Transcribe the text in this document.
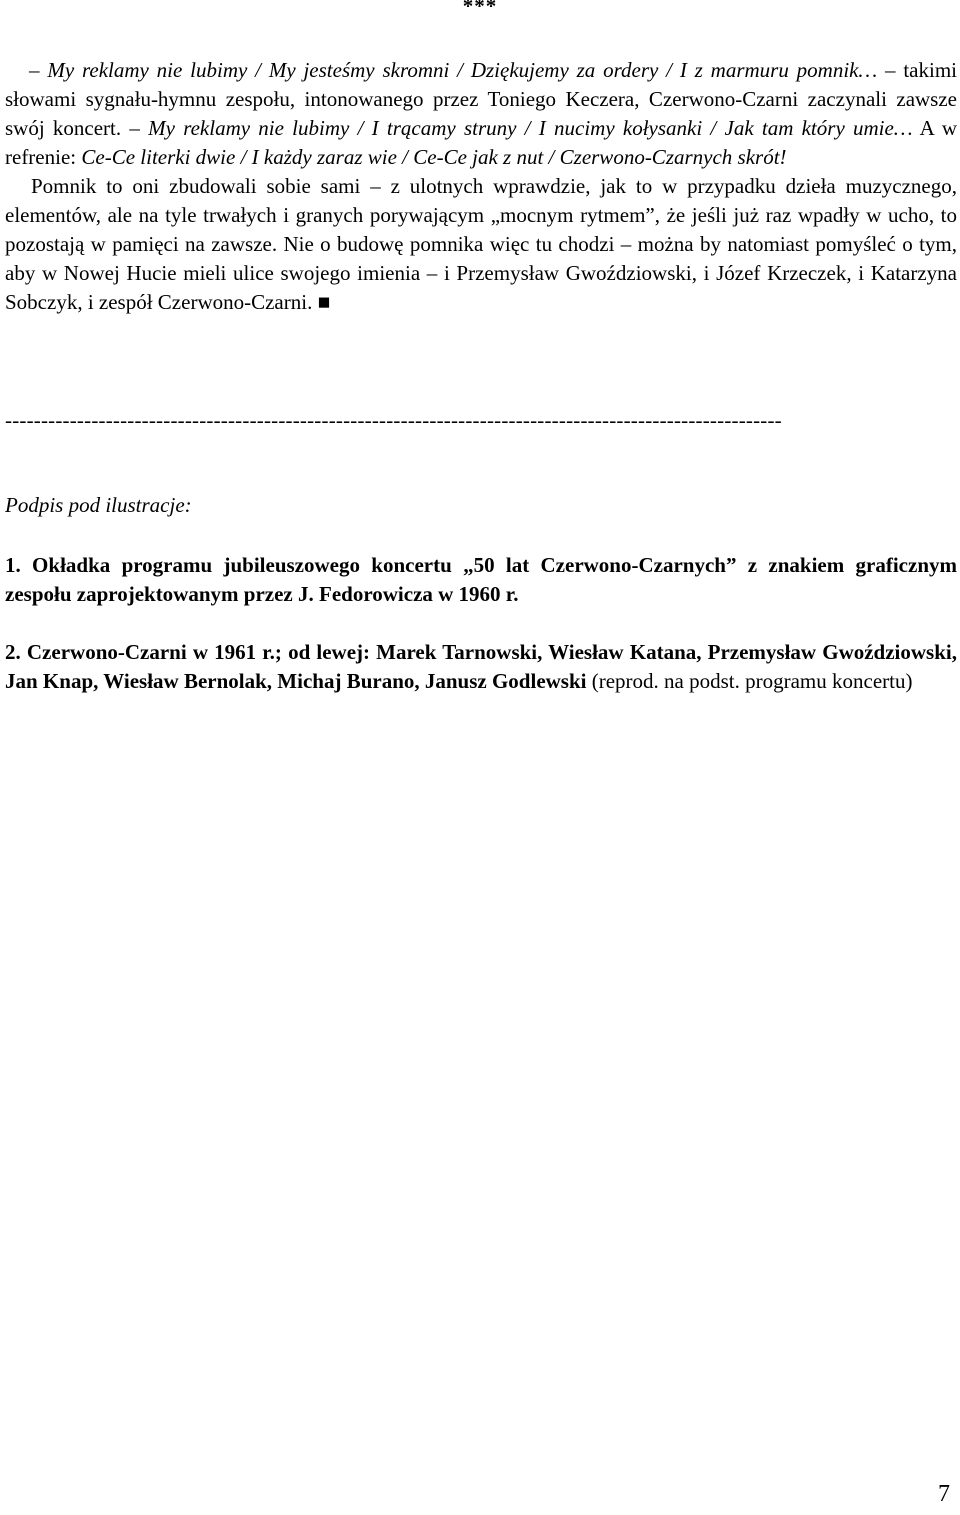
***
– My reklamy nie lubimy / My jesteśmy skromni / Dziękujemy za ordery / I z marmuru pomnik… – takimi słowami sygnału-hymnu zespołu, intonowanego przez Toniego Keczera, Czerwono-Czarni zaczynali zawsze swój koncert. – My reklamy nie lubimy / I trącamy struny / I nucimy kołysanki / Jak tam który umie… A w refrenie: Ce-Ce literki dwie / I każdy zaraz wie / Ce-Ce jak z nut / Czerwono-Czarnych skrót!
Pomnik to oni zbudowali sobie sami – z ulotnych wprawdzie, jak to w przypadku dzieła muzycznego, elementów, ale na tyle trwałych i granych porywającym „mocnym rytmem”, że jeśli już raz wpadły w ucho, to pozostają w pamięci na zawsze. Nie o budowę pomnika więc tu chodzi – można by natomiast pomyśleć o tym, aby w Nowej Hucie mieli ulice swojego imienia – i Przemysław Gwoździowski, i Józef Krzeczek, i Katarzyna Sobczyk, i zespół Czerwono-Czarni. ■
------------------------------------------------------------------------------------------------------------
Podpis pod ilustracje:
1. Okładka programu jubileuszowego koncertu „50 lat Czerwono-Czarnych” z znakiem graficznym zespołu zaprojektowanym przez J. Fedorowicza w 1960 r.
2. Czerwono-Czarni w 1961 r.; od lewej: Marek Tarnowski, Wiesław Katana, Przemysław Gwoździowski, Jan Knap, Wiesław Bernolak, Michaj Burano, Janusz Godlewski (reprod. na podst. programu koncertu)
7
